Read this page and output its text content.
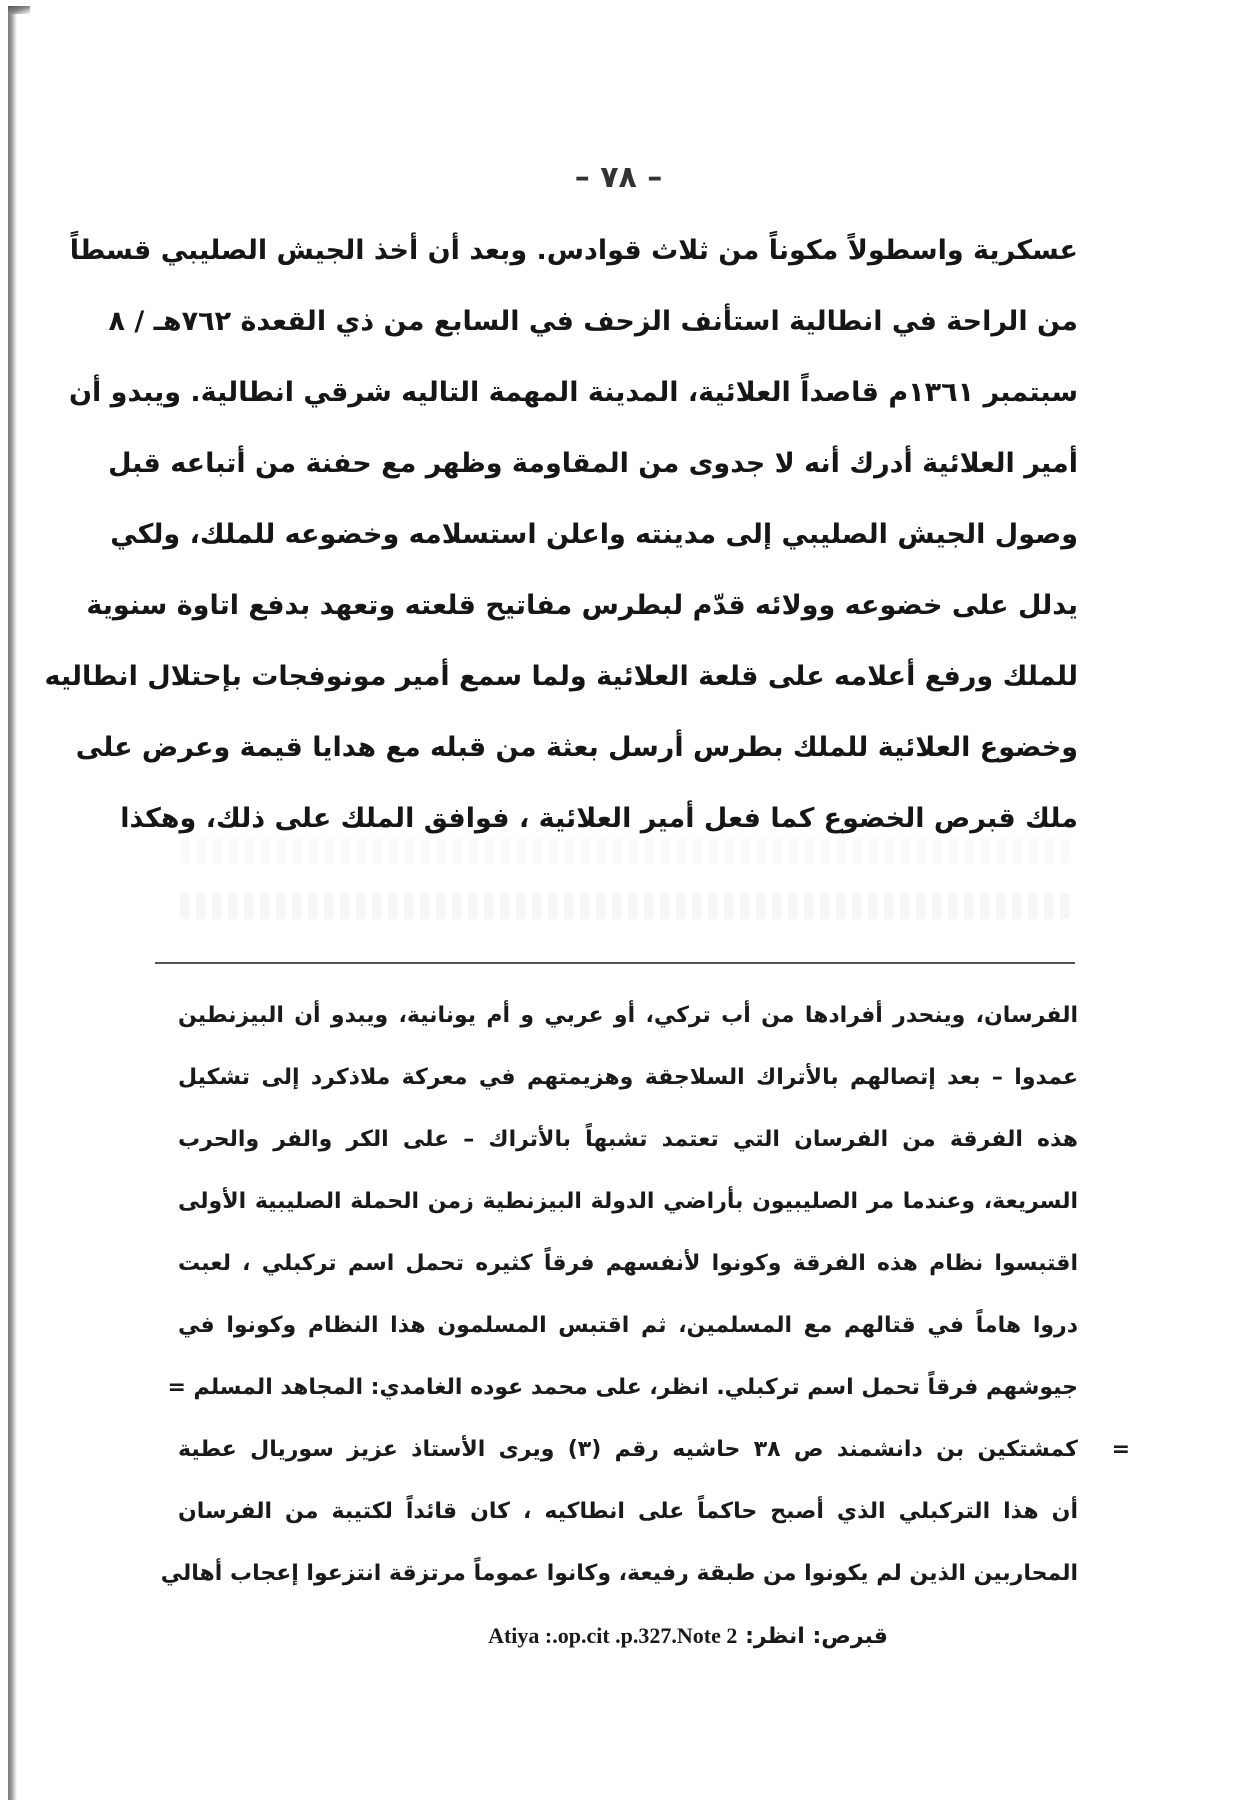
– ٧٨ –
عسكرية واسطولاً مكوناً من ثلاث قوادس. وبعد أن أخذ الجيش الصليبي قسطاً
من الراحة في انطالية استأنف الزحف في السابع من ذي القعدة ٧٦٢هـ / ٨
سبتمبر ١٣٦١م قاصداً العلائية، المدينة المهمة التاليه شرقي انطالية. ويبدو أن
أمير العلائية أدرك أنه لا جدوى من المقاومة وظهر مع حفنة من أتباعه قبل
وصول الجيش الصليبي إلى مدينته واعلن استسلامه وخضوعه للملك، ولكي
يدلل على خضوعه وولائه قدّم لبطرس مفاتيح قلعته وتعهد بدفع اتاوة سنوية
للملك ورفع أعلامه على قلعة العلائية ولما سمع أمير مونوفجات بإحتلال انطاليه
وخضوع العلائية للملك بطرس أرسل بعثة من قبله مع هدايا قيمة وعرض على
ملك قبرص الخضوع كما فعل أمير العلائية ، فوافق الملك على ذلك، وهكذا
الفرسان، وينحدر أفرادها من أب تركي، أو عربي و أم يونانية، ويبدو أن البيزنطين
عمدوا – بعد إتصالهم بالأتراك السلاجقة وهزيمتهم في معركة ملاذكرد إلى تشكيل
هذه الفرقة من الفرسان التي تعتمد تشبهاً بالأتراك – على الكر والفر والحرب
السريعة، وعندما مر الصليبيون بأراضي الدولة البيزنطية زمن الحملة الصليبية الأولى
اقتبسوا نظام هذه الفرقة وكونوا لأنفسهم فرقاً كثيره تحمل اسم تركبلي ، لعبت
دروا هاماً في قتالهم مع المسلمين، ثم اقتبس المسلمون هذا النظام وكونوا في
جيوشهم فرقاً تحمل اسم تركبلي. انظر، على محمد عوده الغامدي: المجاهد المسلم =
كمشتكين بن دانشمند ص ٣٨ حاشيه رقم (٣) ويرى الأستاذ عزيز سوريال عطية =
أن هذا التركبلي الذي أصبح حاكماً على انطاكيه ، كان قائداً لكتيبة من الفرسان
المحاربين الذين لم يكونوا من طبقة رفيعة، وكانوا عموماً مرتزقة انتزعوا إعجاب أهالي
قبرص: انظر: Atiya :.op.cit .p.327.Note 2
